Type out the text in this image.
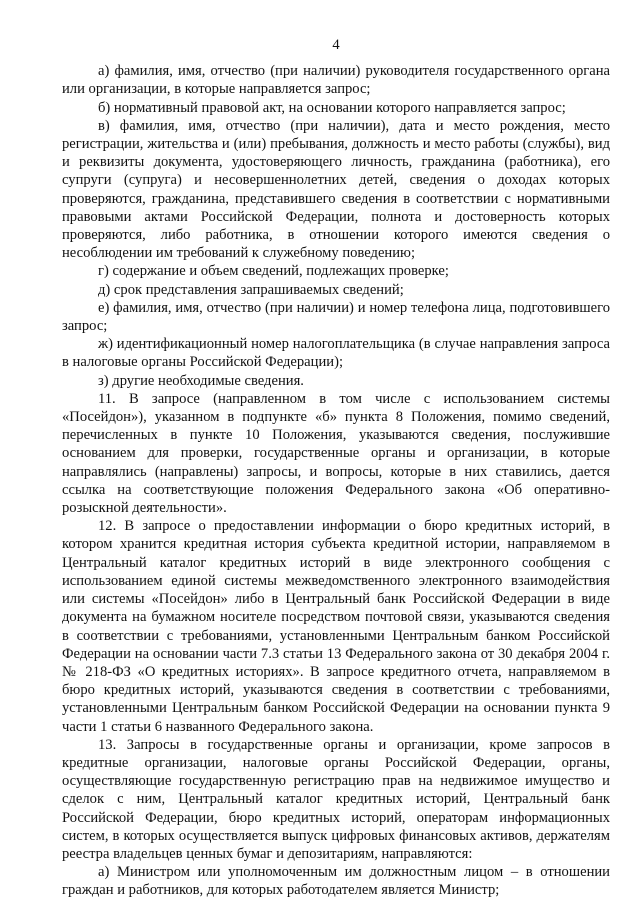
4

а) фамилия, имя, отчество (при наличии) руководителя государственного органа или организации, в которые направляется запрос;

б) нормативный правовой акт, на основании которого направляется запрос;

в) фамилия, имя, отчество (при наличии), дата и место рождения, место регистрации, жительства и (или) пребывания, должность и место работы (службы), вид и реквизиты документа, удостоверяющего личность, гражданина (работника), его супруги (супруга) и несовершеннолетних детей, сведения о доходах которых проверяются, гражданина, представившего сведения в соответствии с нормативными правовыми актами Российской Федерации, полнота и достоверность которых проверяются, либо работника, в отношении которого имеются сведения о несоблюдении им требований к служебному поведению;

г) содержание и объем сведений, подлежащих проверке;

д) срок представления запрашиваемых сведений;

е) фамилия, имя, отчество (при наличии) и номер телефона лица, подготовившего запрос;

ж) идентификационный номер налогоплательщика (в случае направления запроса в налоговые органы Российской Федерации);

з) другие необходимые сведения.

11. В запросе (направленном в том числе с использованием системы «Посейдон»), указанном в подпункте «б» пункта 8 Положения, помимо сведений, перечисленных в пункте 10 Положения, указываются сведения, послужившие основанием для проверки, государственные органы и организации, в которые направлялись (направлены) запросы, и вопросы, которые в них ставились, дается ссылка на соответствующие положения Федерального закона «Об оперативно-розыскной деятельности».

12. В запросе о предоставлении информации о бюро кредитных историй, в котором хранится кредитная история субъекта кредитной истории, направляемом в Центральный каталог кредитных историй в виде электронного сообщения с использованием единой системы межведомственного электронного взаимодействия или системы «Посейдон» либо в Центральный банк Российской Федерации в виде документа на бумажном носителе посредством почтовой связи, указываются сведения в соответствии с требованиями, установленными Центральным банком Российской Федерации на основании части 7.3 статьи 13 Федерального закона от 30 декабря 2004 г. № 218-ФЗ «О кредитных историях». В запросе кредитного отчета, направляемом в бюро кредитных историй, указываются сведения в соответствии с требованиями, установленными Центральным банком Российской Федерации на основании пункта 9 части 1 статьи 6 названного Федерального закона.

13. Запросы в государственные органы и организации, кроме запросов в кредитные организации, налоговые органы Российской Федерации, органы, осуществляющие государственную регистрацию прав на недвижимое имущество и сделок с ним, Центральный каталог кредитных историй, Центральный банк Российской Федерации, бюро кредитных историй, операторам информационных систем, в которых осуществляется выпуск цифровых финансовых активов, держателям реестра владельцев ценных бумаг и депозитариям, направляются:

а) Министром или уполномоченным им должностным лицом – в отношении граждан и работников, для которых работодателем является Министр;
